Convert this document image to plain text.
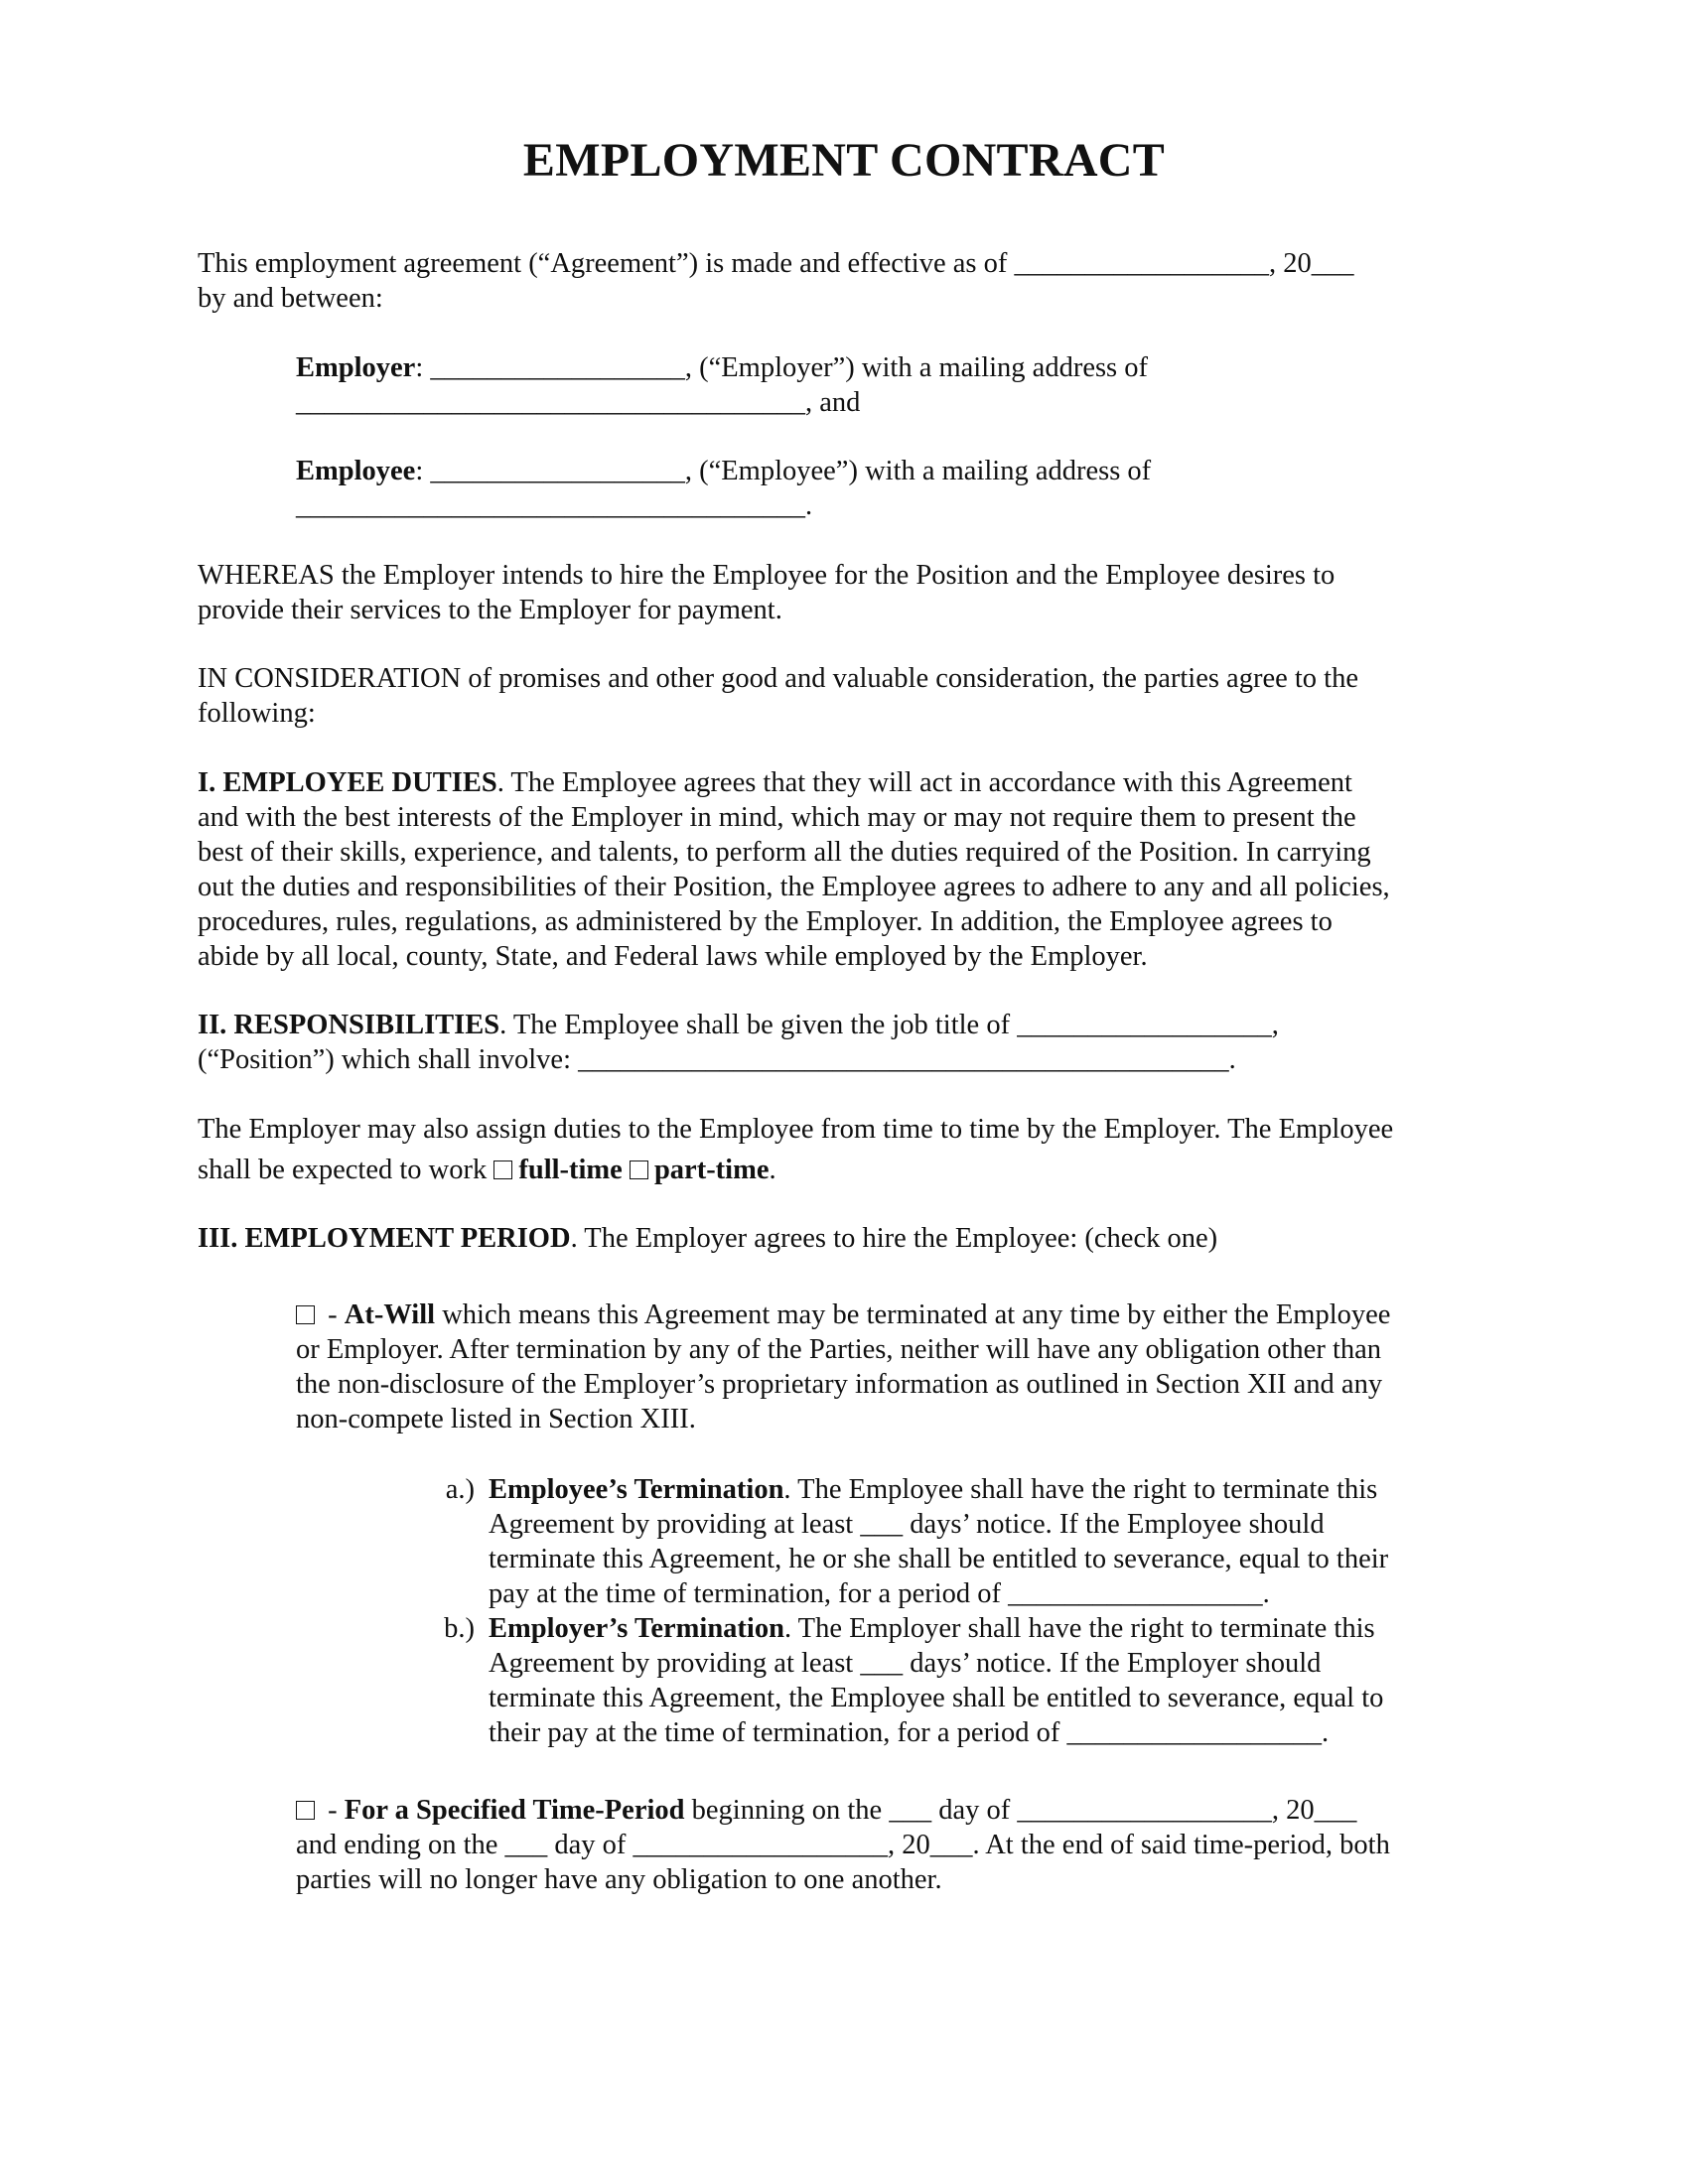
EMPLOYMENT CONTRACT
This employment agreement (“Agreement”) is made and effective as of __________________, 20___
by and between:
Employer: __________________, (“Employer”) with a mailing address of
____________________________________, and
Employee: __________________, (“Employee”) with a mailing address of
____________________________________.
WHEREAS the Employer intends to hire the Employee for the Position and the Employee desires to
provide their services to the Employer for payment.
IN CONSIDERATION of promises and other good and valuable consideration, the parties agree to the
following:
I. EMPLOYEE DUTIES. The Employee agrees that they will act in accordance with this Agreement
and with the best interests of the Employer in mind, which may or may not require them to present the
best of their skills, experience, and talents, to perform all the duties required of the Position. In carrying
out the duties and responsibilities of their Position, the Employee agrees to adhere to any and all policies,
procedures, rules, regulations, as administered by the Employer. In addition, the Employee agrees to
abide by all local, county, State, and Federal laws while employed by the Employer.
II. RESPONSIBILITIES. The Employee shall be given the job title of __________________,
(“Position”) which shall involve: ______________________________________________.
The Employer may also assign duties to the Employee from time to time by the Employer. The Employee
shall be expected to work full-time part-time.
III. EMPLOYMENT PERIOD. The Employer agrees to hire the Employee: (check one)
- At-Will which means this Agreement may be terminated at any time by either the Employee
or Employer. After termination by any of the Parties, neither will have any obligation other than
the non-disclosure of the Employer’s proprietary information as outlined in Section XII and any
non-compete listed in Section XIII.
a.) Employee’s Termination. The Employee shall have the right to terminate this
Agreement by providing at least ___ days’ notice. If the Employee should
terminate this Agreement, he or she shall be entitled to severance, equal to their
pay at the time of termination, for a period of __________________.
b.) Employer’s Termination. The Employer shall have the right to terminate this
Agreement by providing at least ___ days’ notice. If the Employer should
terminate this Agreement, the Employee shall be entitled to severance, equal to
their pay at the time of termination, for a period of __________________.
- For a Specified Time-Period beginning on the ___ day of __________________, 20___
and ending on the ___ day of __________________, 20___. At the end of said time-period, both
parties will no longer have any obligation to one another.
